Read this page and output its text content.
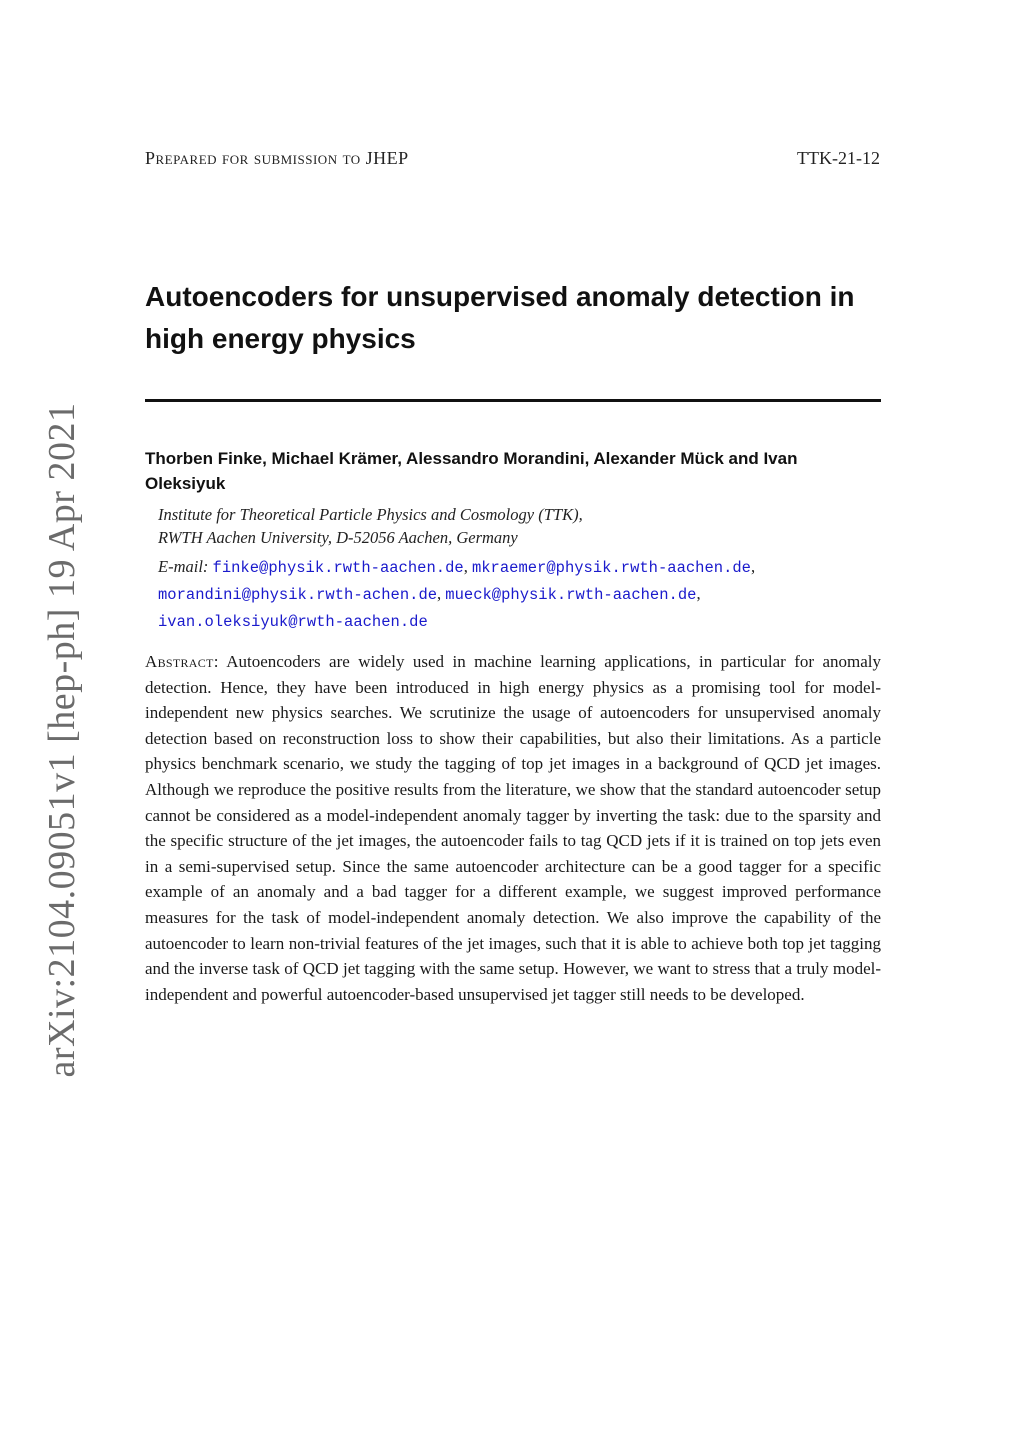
Prepared for submission to JHEP	TTK-21-12
arXiv:2104.09051v1 [hep-ph] 19 Apr 2021
Autoencoders for unsupervised anomaly detection in
high energy physics
Thorben Finke, Michael Krämer, Alessandro Morandini, Alexander Mück and Ivan Oleksiyuk
Institute for Theoretical Particle Physics and Cosmology (TTK),
RWTH Aachen University, D-52056 Aachen, Germany
E-mail: finke@physik.rwth-aachen.de, mkraemer@physik.rwth-aachen.de,
morandini@physik.rwth-achen.de, mueck@physik.rwth-aachen.de,
ivan.oleksiyuk@rwth-aachen.de
Abstract: Autoencoders are widely used in machine learning applications, in particular for anomaly detection. Hence, they have been introduced in high energy physics as a promising tool for model-independent new physics searches. We scrutinize the usage of autoencoders for unsupervised anomaly detection based on reconstruction loss to show their capabilities, but also their limitations. As a particle physics benchmark scenario, we study the tagging of top jet images in a background of QCD jet images. Although we reproduce the positive results from the literature, we show that the standard autoencoder setup cannot be considered as a model-independent anomaly tagger by inverting the task: due to the sparsity and the specific structure of the jet images, the autoencoder fails to tag QCD jets if it is trained on top jets even in a semi-supervised setup. Since the same autoencoder architecture can be a good tagger for a specific example of an anomaly and a bad tagger for a different example, we suggest improved performance measures for the task of model-independent anomaly detection. We also improve the capability of the autoencoder to learn non-trivial features of the jet images, such that it is able to achieve both top jet tagging and the inverse task of QCD jet tagging with the same setup. However, we want to stress that a truly model-independent and powerful autoencoder-based unsupervised jet tagger still needs to be developed.
